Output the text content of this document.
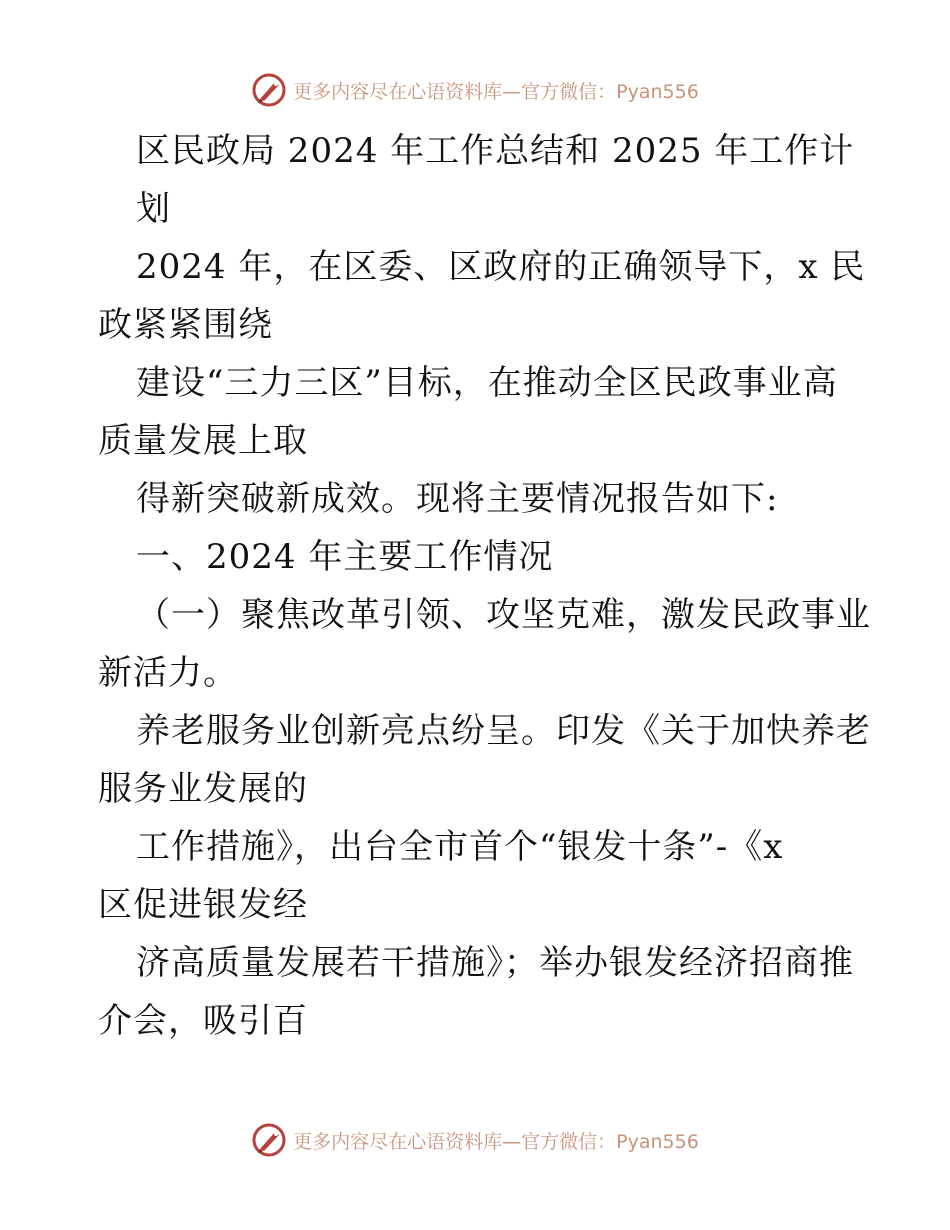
更多内容尽在心语资料库—官方微信：Pyan556

区民政局 2024 年工作总结和 2025 年工作计

划

2024 年，在区委、区政府的正确领导下，x 民

政紧紧围绕

建设“三力三区”目标，在推动全区民政事业高

质量发展上取

得新突破新成效。现将主要情况报告如下:

一、2024 年主要工作情况

（一）聚焦改革引领、攻坚克难，激发民政事业

新活力。

养老服务业创新亮点纷呈。印发《关于加快养老

服务业发展的

工作措施》，出台全市首个“银发十条”-《x

区促进银发经

济高质量发展若干措施》；举办银发经济招商推

介会，吸引百

更多内容尽在心语资料库—官方微信：Pyan556
